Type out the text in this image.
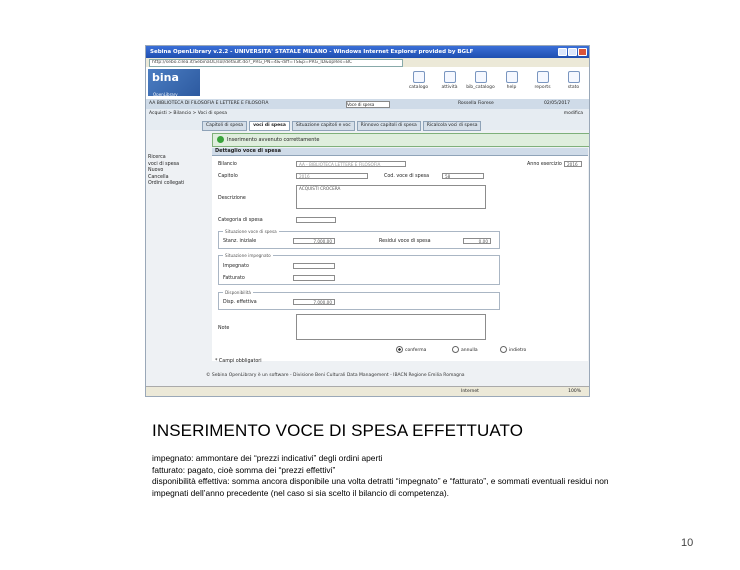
Sebina OpenLibrary v.2.2 - UNIVERSITA' STATALE MILANO - Windows Internet Explorer provided by BGLF
http://sebo.cilea.it/SebinaOL/sol/default.do?_PRG_PN=4&-diff=TS&p=PRG_ID&opRes=BC
bina
OpenLibrary
catalogo	attività	bib_catalogo	help	reports	stato
AA BIBLIOTECA DI FILOSOFIA E LETTERE E FILOSOFIA	Voce di spesa	Rossella Fiorese	02/05/2017
Acquisti > Bilancio > Voci di spesa	modifica
Capitoli di spesa	voci di spesa	Situazione capitoli e voc	Rinnovo capitoli di spesa	Ricalcola voci di spesa
Ricerca
voci di spesa
Nuovo
Cancella
Ordini collegati
Inserimento avvenuto correttamente
Dettaglio voce di spesa
Bilancio	AA - BIBLIOTECA LETTERE E FILOSOFIA	Anno esercizio	2016
Capitolo	2016	Cod. voce di spesa	58
ACQUISTI CROCERA
Descrizione
Categoria di spesa
Situazione voce di spesa
Stanz. iniziale	7.000,00	Residui voce di spesa	0,00
Situazione impegnato
Impegnato
Fatturato
Disponibilità
Disp. effettiva	7.000,00
Note
* Campi obbligatori
conferma	annulla	indietro
© Sebina OpenLibrary è un software - Divisione Beni Culturali Data Management - IBACN Regione Emilia Romagna
Internet	100%
INSERIMENTO VOCE DI SPESA EFFETTUATO

impegnato: ammontare dei “prezzi indicativi” degli ordini aperti

fatturato: pagato, cioè somma dei “prezzi effettivi”

disponibilità effettiva: somma ancora disponibile una volta detratti “impegnato” e “fatturato”, e sommati eventuali residui non impegnati dell’anno precedente (nel caso si sia scelto il bilancio di competenza).

10
